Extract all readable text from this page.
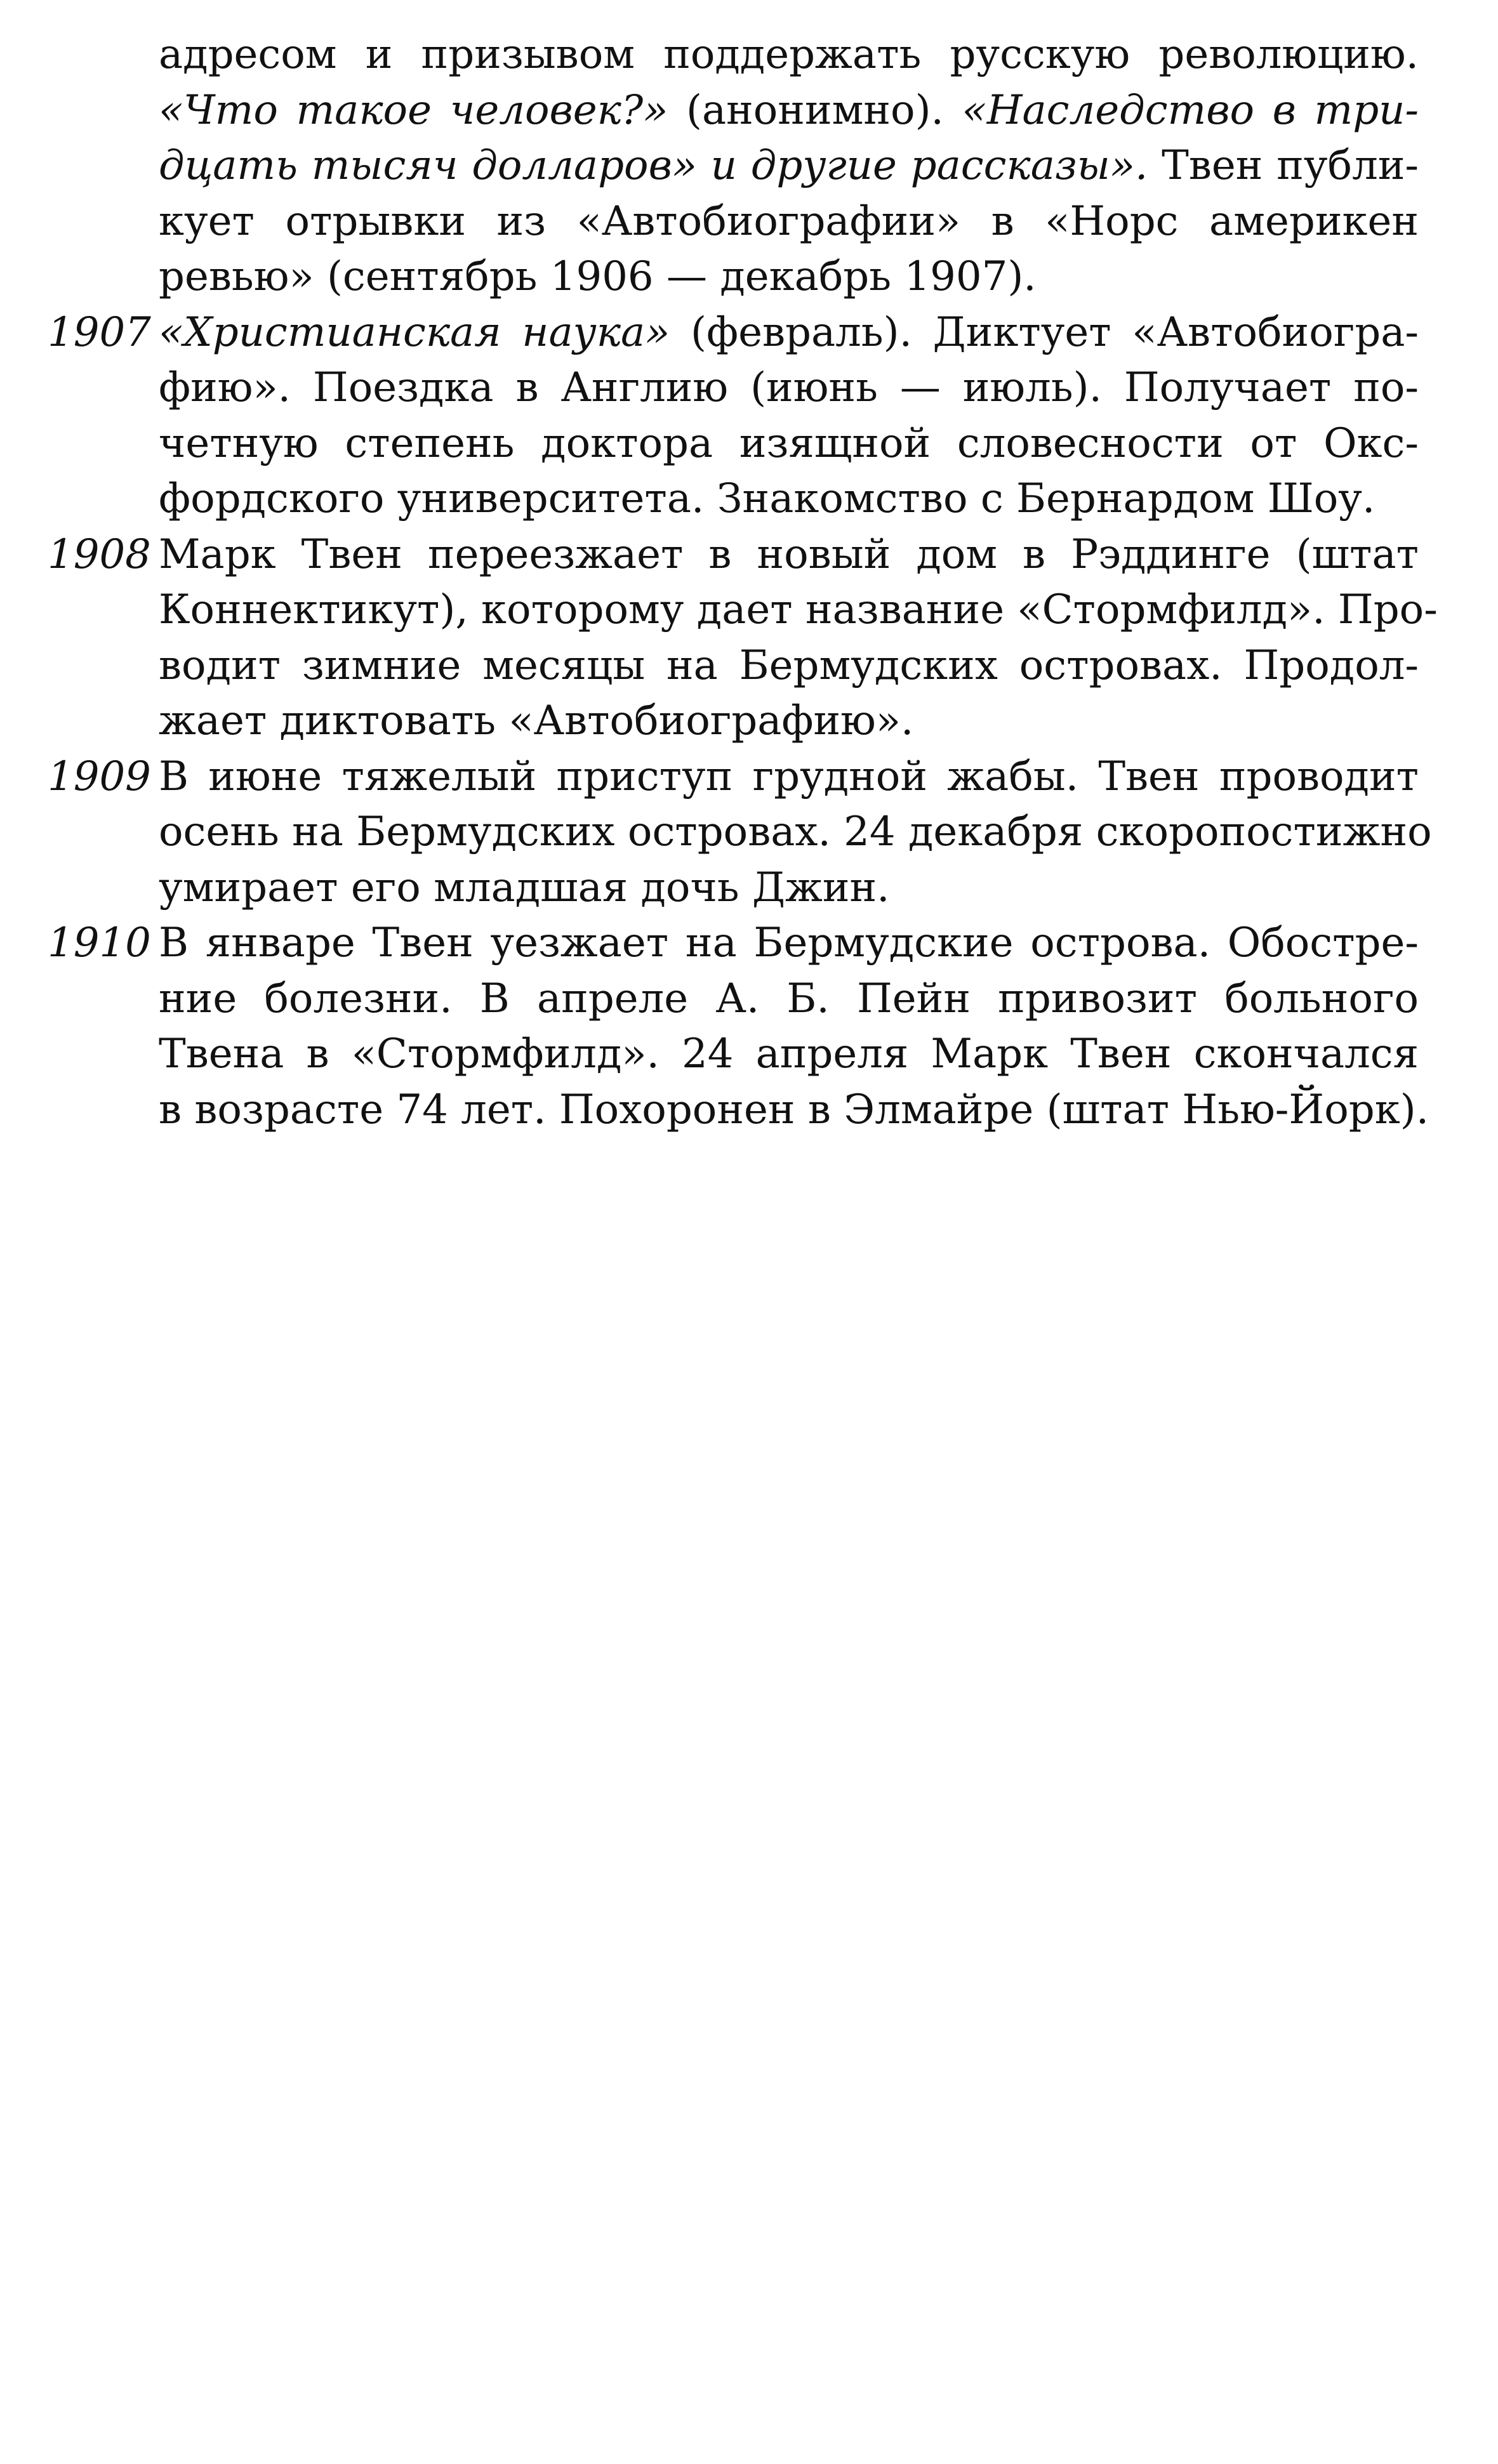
адресом и призывом поддержать русскую революцию.
«Что такое человек?» (анонимно). «Наследство в три-
дцать тысяч долларов» и другие рассказы». Твен публи-
кует отрывки из «Автобиографии» в «Норс америкен
ревью» (сентябрь 1906 — декабрь 1907).
1907 «Христианская наука» (февраль). Диктует «Автобиогра-
фию». Поездка в Англию (июнь — июль). Получает по-
четную степень доктора изящной словесности от Окс-
фордского университета. Знакомство с Бернардом Шоу.
1908 Марк Твен переезжает в новый дом в Рэддинге (штат
Коннектикут), которому дает название «Стормфилд». Про-
водит зимние месяцы на Бермудских островах. Продол-
жает диктовать «Автобиографию».
1909 В июне тяжелый приступ грудной жабы. Твен проводит
осень на Бермудских островах. 24 декабря скоропостижно
умирает его младшая дочь Джин.
1910 В январе Твен уезжает на Бермудские острова. Обостре-
ние болезни. В апреле А. Б. Пейн привозит больного
Твена в «Стормфилд». 24 апреля Марк Твен скончался
в возрасте 74 лет. Похоронен в Элмайре (штат Нью-Йорк).
